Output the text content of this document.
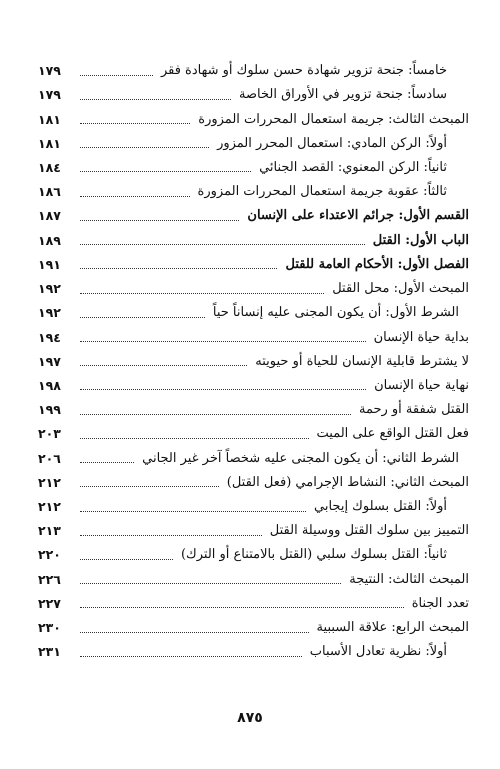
خامساً: جنحة تزوير شهادة حسن سلوك أو شهادة فقر
١٧٩
سادساً: جنحة تزوير في الأوراق الخاصة
١٧٩
المبحث الثالث: جريمة استعمال المحررات المزورة
١٨١
أولاً: الركن المادي: استعمال المحرر المزور
١٨١
ثانياً: الركن المعنوي: القصد الجنائي
١٨٤
ثالثاً: عقوبة جريمة استعمال المحررات المزورة
١٨٦
القسم الأول: جرائم الاعتداء على الإنسان
١٨٧
الباب الأول: القتل
١٨٩
الفصل الأول: الأحكام العامة للقتل
١٩١
المبحث الأول: محل القتل
١٩٢
الشرط الأول: أن يكون المجنى عليه إنساناً حياً
١٩٢
بداية حياة الإنسان
١٩٤
لا يشترط قابلية الإنسان للحياة أو حيويته
١٩٧
نهاية حياة الإنسان
١٩٨
القتل شفقة أو رحمة
١٩٩
فعل القتل الواقع على الميت
٢٠٣
الشرط الثاني: أن يكون المجنى عليه شخصاً آخر غير الجاني
٢٠٦
المبحث الثاني: النشاط الإجرامي (فعل القتل)
٢١٢
أولاً: القتل بسلوك إيجابي
٢١٢
التمييز بين سلوك القتل ووسيلة القتل
٢١٣
ثانياً: القتل بسلوك سلبي (القتل بالامتناع أو الترك)
٢٢٠
المبحث الثالث: النتيجة
٢٢٦
تعدد الجناة
٢٢٧
المبحث الرابع: علاقة السببية
٢٣٠
أولاً: نظرية تعادل الأسباب
٢٣١
٨٧٥
